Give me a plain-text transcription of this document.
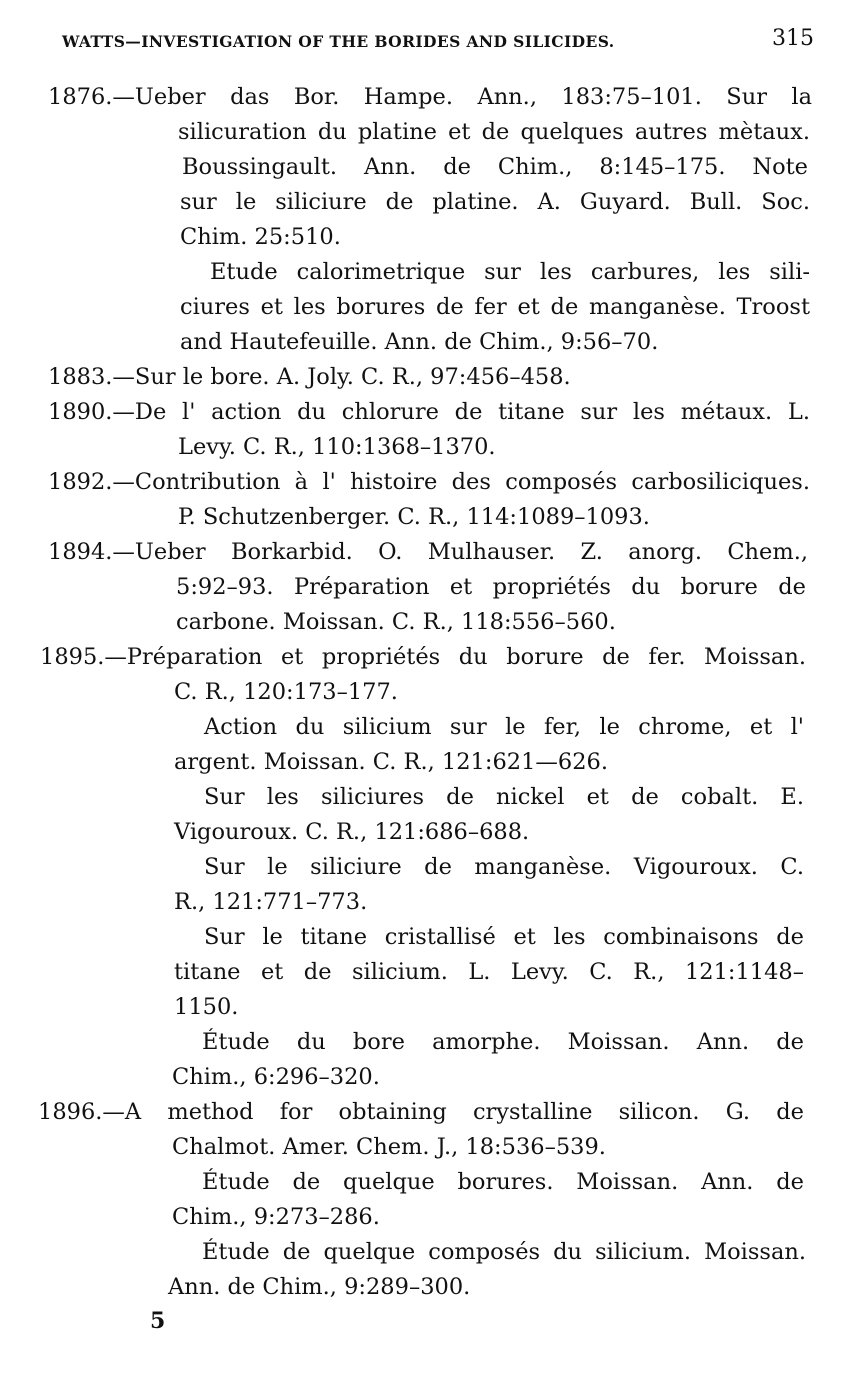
WATTS—INVESTIGATION OF THE BORIDES AND SILICIDES.	315
1876.—Ueber das Bor. Hampe. Ann., 183:75–101. Sur la
silicuration du platine et de quelques autres mètaux.
Boussingault. Ann. de Chim., 8:145–175. Note
sur le siliciure de platine. A. Guyard. Bull. Soc.
Chim. 25:510.
Etude calorimetrique sur les carbures, les sili-
ciures et les borures de fer et de manganèse. Troost
and Hautefeuille. Ann. de Chim., 9:56–70.
1883.—Sur le bore. A. Joly. C. R., 97:456–458.
1890.—De l' action du chlorure de titane sur les métaux. L.
Levy. C. R., 110:1368–1370.
1892.—Contribution à l' histoire des composés carbosiliciques.
P. Schutzenberger. C. R., 114:1089–1093.
1894.—Ueber Borkarbid. O. Mulhauser. Z. anorg. Chem.,
5:92–93. Préparation et propriétés du borure de
carbone. Moissan. C. R., 118:556–560.
1895.—Préparation et propriétés du borure de fer. Moissan.
C. R., 120:173–177.
Action du silicium sur le fer, le chrome, et l'
argent. Moissan. C. R., 121:621—626.
Sur les siliciures de nickel et de cobalt. E.
Vigouroux. C. R., 121:686–688.
Sur le siliciure de manganèse. Vigouroux. C.
R., 121:771–773.
Sur le titane cristallisé et les combinaisons de
titane et de silicium. L. Levy. C. R., 121:1148–
1150.
Étude du bore amorphe. Moissan. Ann. de
Chim., 6:296–320.
1896.—A method for obtaining crystalline silicon. G. de
Chalmot. Amer. Chem. J., 18:536–539.
Étude de quelque borures. Moissan. Ann. de
Chim., 9:273–286.
Étude de quelque composés du silicium. Moissan.
Ann. de Chim., 9:289–300.
5
